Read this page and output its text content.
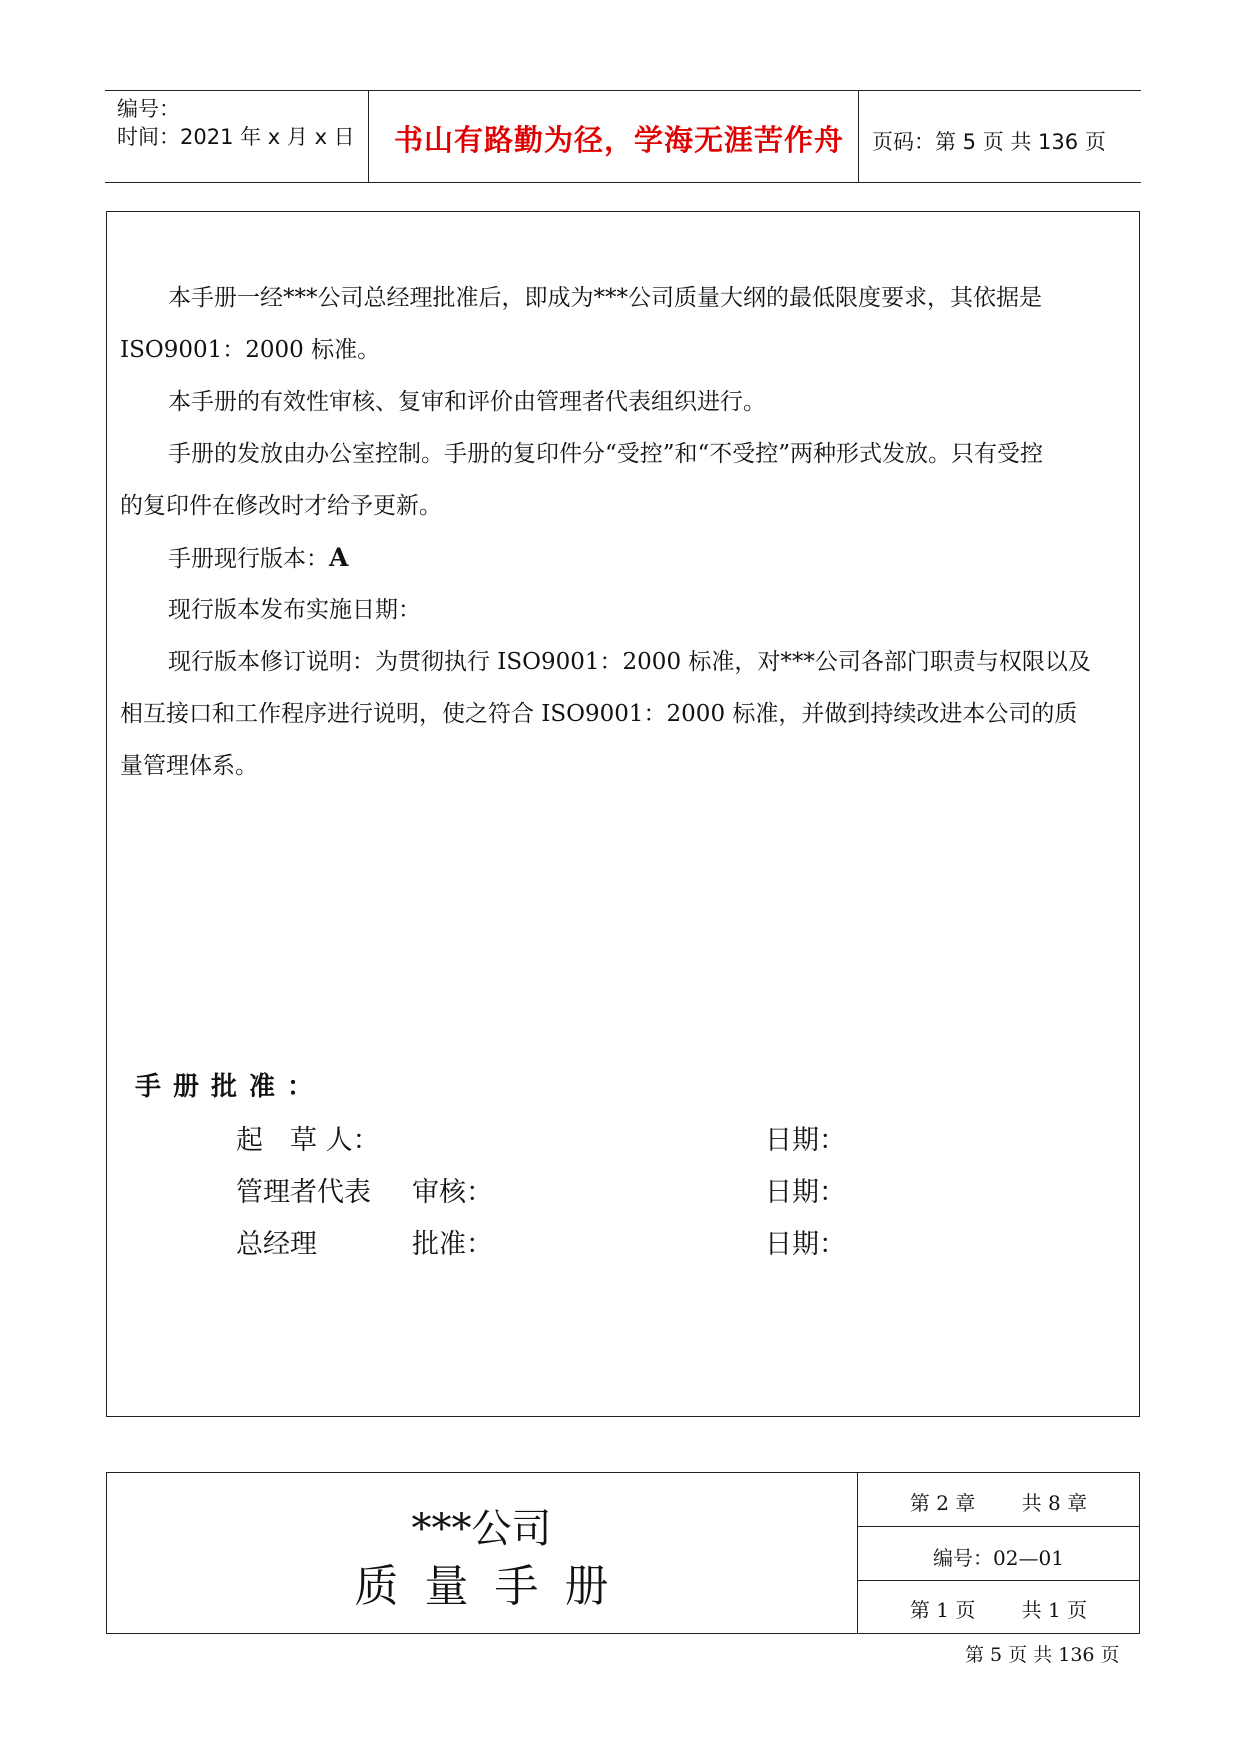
编号：
时间：2021 年 x 月 x 日 书山有路勤为径，学海无涯苦作舟 页码：第 5 页 共 136 页
本手册一经***公司总经理批准后，即成为***公司质量大纲的最低限度要求，其依据是
ISO9001：2000 标准。
本手册的有效性审核、复审和评价由管理者代表组织进行。
手册的发放由办公室控制。手册的复印件分“受控”和“不受控”两种形式发放。只有受控
的复印件在修改时才给予更新。
手册现行版本：A
现行版本发布实施日期：
现行版本修订说明：为贯彻执行 ISO9001：2000 标准，对***公司各部门职责与权限以及
相互接口和工作程序进行说明，使之符合 ISO9001：2000 标准，并做到持续改进本公司的质
量管理体系。
手册批准：
起　草 人：	日期：
管理者代表 审核：	日期：
总经理	批准：	日期：
***公司
质量手册
第 2 章　　 共 8 章
编号：02—01
第 1 页　　 共 1 页
第 5 页 共 136 页
